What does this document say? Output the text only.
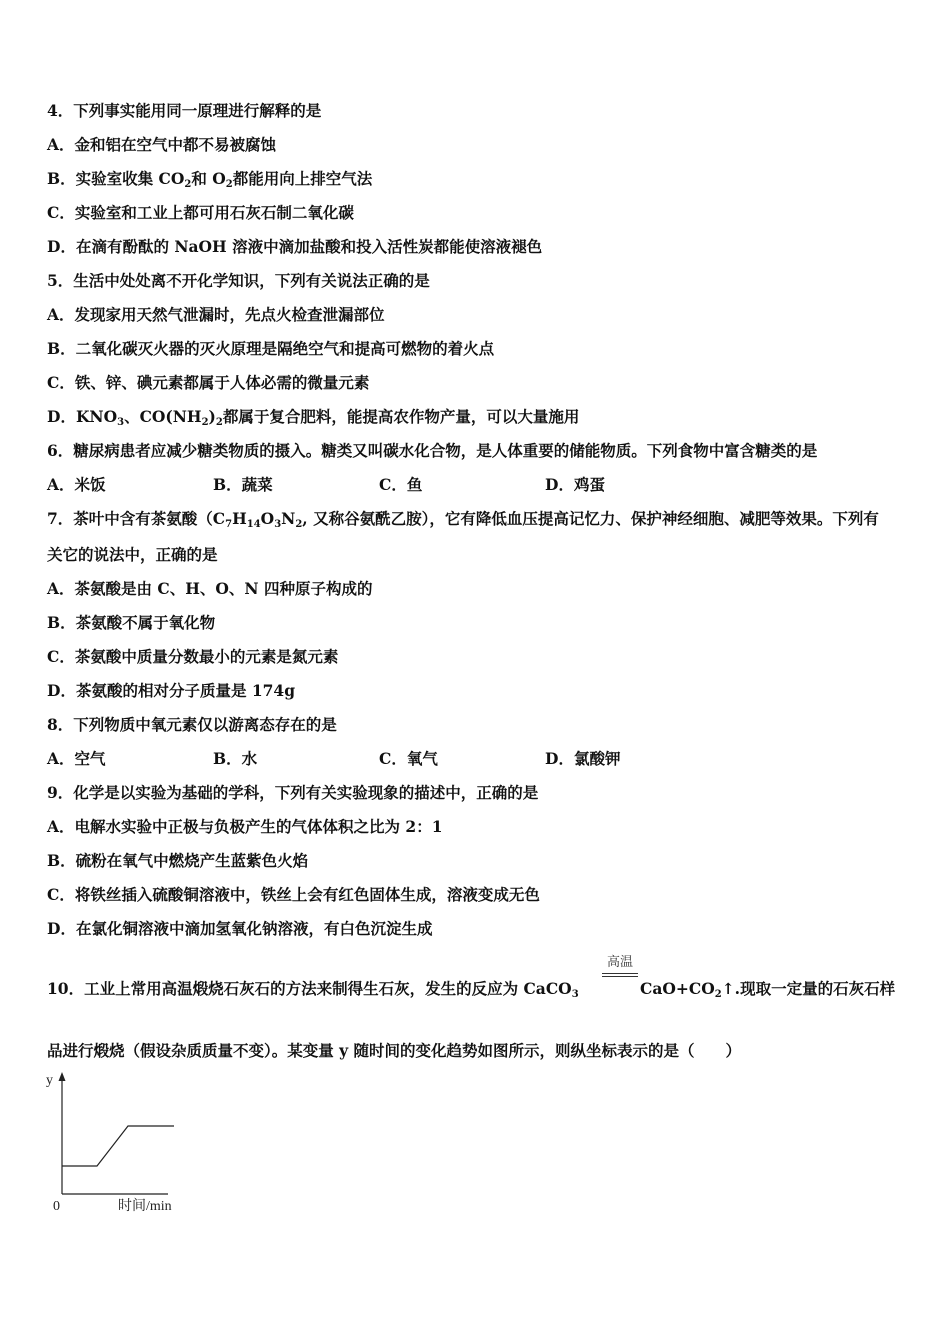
4．下列事实能用同一原理进行解释的是
A．金和铝在空气中都不易被腐蚀
B．实验室收集 $CO_2$和 $O_2$都能用向上排空气法
C．实验室和工业上都可用石灰石制二氧化碳
D．在滴有酚酞的 NaOH 溶液中滴加盐酸和投入活性炭都能使溶液褪色
5．生活中处处离不开化学知识，下列有关说法正确的是
A．发现家用天然气泄漏时，先点火检查泄漏部位
B．二氧化碳灭火器的灭火原理是隔绝空气和提高可燃物的着火点
C．铁、锌、碘元素都属于人体必需的微量元素
D．$KNO_3$、$CO(NH_2)_2$都属于复合肥料，能提高农作物产量，可以大量施用
6．糖尿病患者应减少糖类物质的摄入。糖类又叫碳水化合物，是人体重要的储能物质。下列食物中富含糖类的是
A．米饭	B．蔬菜	C．鱼	D．鸡蛋
7．茶叶中含有茶氨酸（$C_7H_{14}O_3N_2$, 又称谷氨酰乙胺），它有降低血压提高记忆力、保护神经细胞、减肥等效果。下列有
关它的说法中，正确的是
A．茶氨酸是由 C、H、O、N 四种原子构成的
B．茶氨酸不属于氧化物
C．茶氨酸中质量分数最小的元素是氮元素
D．茶氨酸的相对分子质量是 174g
8．下列物质中氧元素仅以游离态存在的是
A．空气	B．水	C．氧气	D．氯酸钾
9．化学是以实验为基础的学科，下列有关实验现象的描述中，正确的是
A．电解水实验中正极与负极产生的气体体积之比为 2：1
B．硫粉在氧气中燃烧产生蓝紫色火焰
C．将铁丝插入硫酸铜溶液中，铁丝上会有红色固体生成，溶液变成无色
D．在氯化铜溶液中滴加氢氧化钠溶液，有白色沉淀生成
10．工业上常用高温煅烧石灰石的方法来制得生石灰，发生的反应为 CaCO$_3$
高温
$CaO+CO_2↑$.现取一定量的石灰石样
品进行煅烧（假设杂质质量不变）。某变量 y 随时间的变化趋势如图所示，则纵坐标表示的是（　　）
y
0	时间/min
